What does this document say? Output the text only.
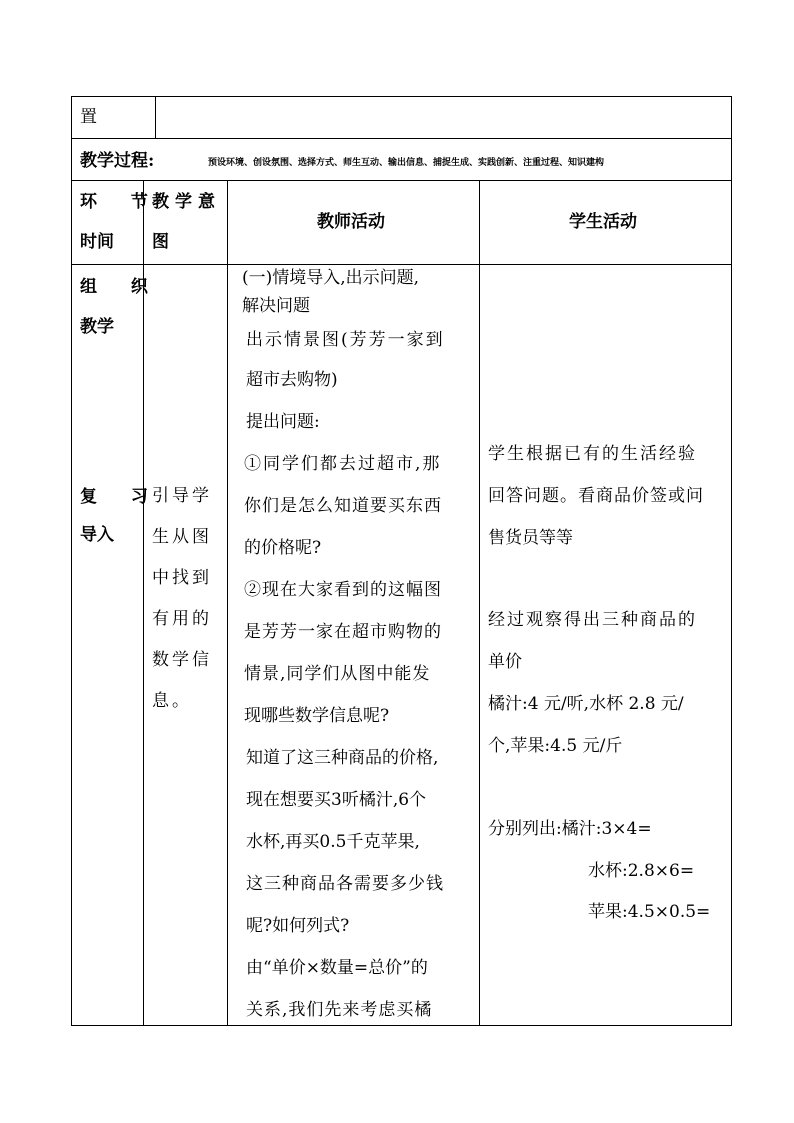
置
教学过程:	预设环境、创设氛围、选择方式、师生互动、输出信息、捕捉生成、实践创新、注重过程、知识建构
环 节
时间
教学意
图
教师活动	学生活动
组 织
教学
复 习
导入

引导学

生从图

中找到

有用的

数学信

息。

(一)情境导入,出示问题,

解决问题

出示情景图(芳芳一家到

超市去购物)

提出问题:

①同学们都去过超市,那

你们是怎么知道要买东西

的价格呢?

②现在大家看到的这幅图

是芳芳一家在超市购物的

情景,同学们从图中能发

现哪些数学信息呢?

知道了这三种商品的价格,

现在想要买3听橘汁,6个

水杯,再买0.5千克苹果,

这三种商品各需要多少钱

呢?如何列式?

由“单价×数量=总价”的

关系,我们先来考虑买橘

学生根据已有的生活经验

回答问题。看商品价签或问

售货员等等

经过观察得出三种商品的

单价

橘汁:4 元/听,水杯 2.8 元/

个,苹果:4.5 元/斤

分别列出:橘汁:3×4=

水杯:2.8×6=

苹果:4.5×0.5=
